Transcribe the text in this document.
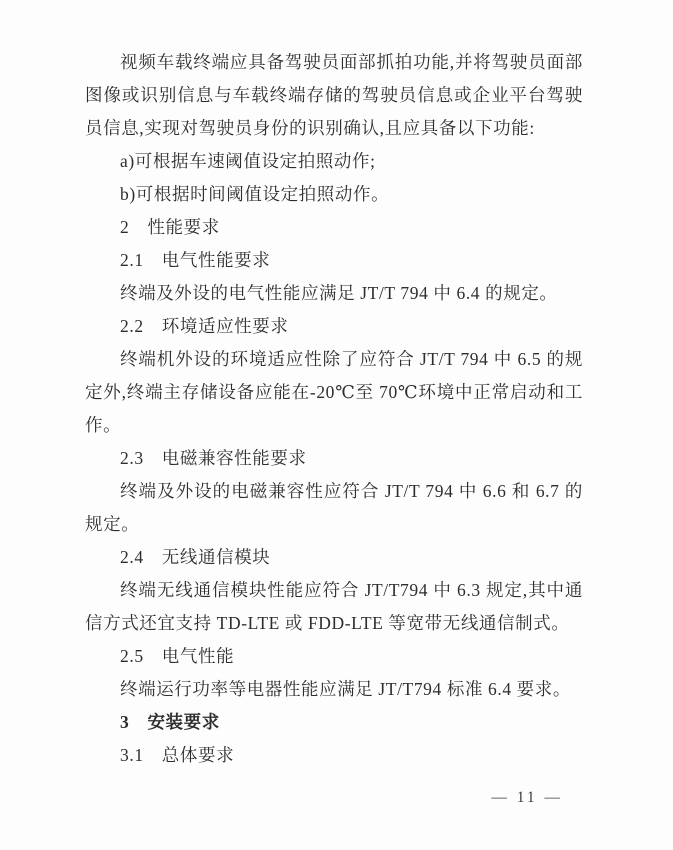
视频车载终端应具备驾驶员面部抓拍功能,并将驾驶员面部图像或识别信息与车载终端存储的驾驶员信息或企业平台驾驶员信息,实现对驾驶员身份的识别确认,且应具备以下功能:

a)可根据车速阈值设定拍照动作;

b)可根据时间阈值设定拍照动作。

2　性能要求

2.1　电气性能要求

终端及外设的电气性能应满足 JT/T 794 中 6.4 的规定。

2.2　环境适应性要求

终端机外设的环境适应性除了应符合 JT/T 794 中 6.5 的规定外,终端主存储设备应能在-20℃至 70℃环境中正常启动和工作。

2.3　电磁兼容性能要求

终端及外设的电磁兼容性应符合 JT/T 794 中 6.6 和 6.7 的规定。

2.4　无线通信模块

终端无线通信模块性能应符合 JT/T794 中 6.3 规定,其中通信方式还宜支持 TD-LTE 或 FDD-LTE 等宽带无线通信制式。

2.5　电气性能

终端运行功率等电器性能应满足 JT/T794 标准 6.4 要求。

3　安装要求

3.1　总体要求

— 11 —
